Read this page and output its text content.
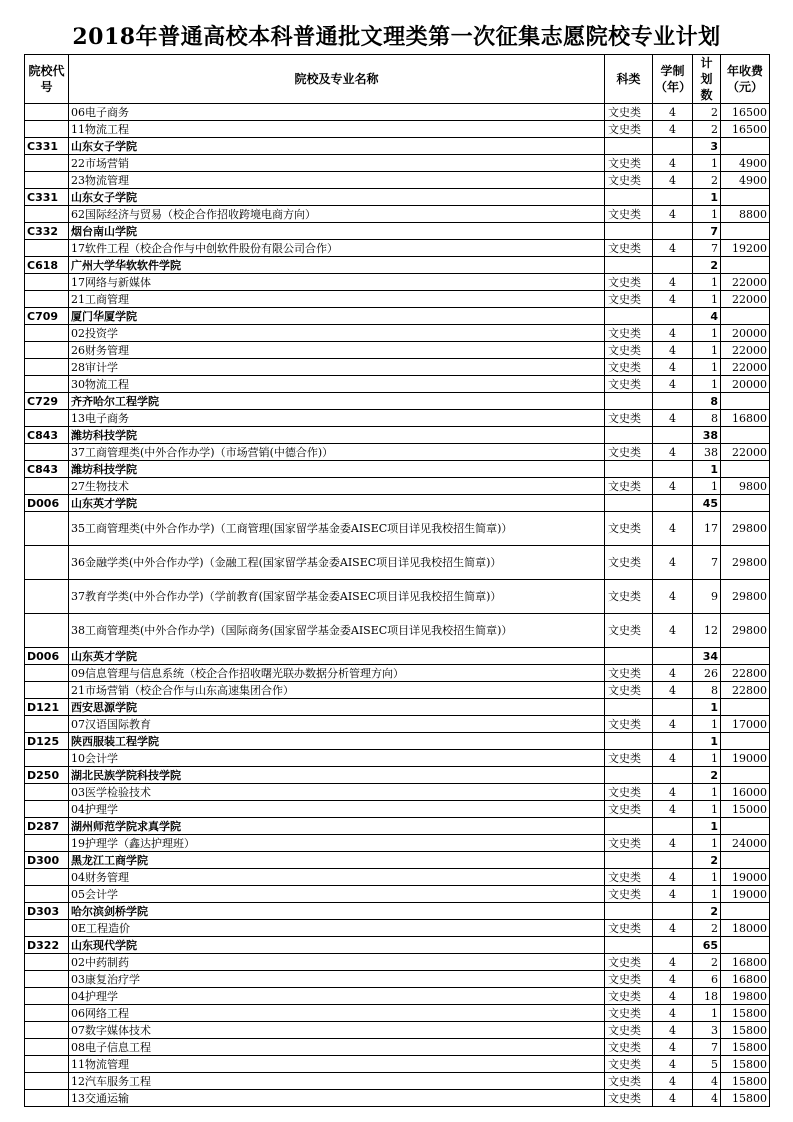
2018年普通高校本科普通批文理类第一次征集志愿院校专业计划
院校代号	院校及专业名称	科类	学制（年）	计划数	年收费（元）
	06电子商务	文史类	4	2	16500
	11物流工程	文史类	4	2	16500
C331	山东女子学院			3	
	22市场营销	文史类	4	1	4900
	23物流管理	文史类	4	2	4900
C331	山东女子学院			1	
	62国际经济与贸易（校企合作招收跨境电商方向）	文史类	4	1	8800
C332	烟台南山学院			7	
	17软件工程（校企合作与中创软件股份有限公司合作）	文史类	4	7	19200
C618	广州大学华软软件学院			2	
	17网络与新媒体	文史类	4	1	22000
	21工商管理	文史类	4	1	22000
C709	厦门华厦学院			4	
	02投资学	文史类	4	1	20000
	26财务管理	文史类	4	1	22000
	28审计学	文史类	4	1	22000
	30物流工程	文史类	4	1	20000
C729	齐齐哈尔工程学院			8	
	13电子商务	文史类	4	8	16800
C843	潍坊科技学院			38	
	37工商管理类(中外合作办学)（市场营销(中德合作)）	文史类	4	38	22000
C843	潍坊科技学院			1	
	27生物技术	文史类	4	1	9800
D006	山东英才学院			45	
	35工商管理类(中外合作办学)（工商管理(国家留学基金委AISEC项目详见我校招生简章)）	文史类	4	17	29800
	36金融学类(中外合作办学)（金融工程(国家留学基金委AISEC项目详见我校招生简章)）	文史类	4	7	29800
	37教育学类(中外合作办学)（学前教育(国家留学基金委AISEC项目详见我校招生简章)）	文史类	4	9	29800
	38工商管理类(中外合作办学)（国际商务(国家留学基金委AISEC项目详见我校招生简章)）	文史类	4	12	29800
D006	山东英才学院			34	
	09信息管理与信息系统（校企合作招收曙光联办数据分析管理方向）	文史类	4	26	22800
	21市场营销（校企合作与山东高速集团合作）	文史类	4	8	22800
D121	西安思源学院			1	
	07汉语国际教育	文史类	4	1	17000
D125	陕西服装工程学院			1	
	10会计学	文史类	4	1	19000
D250	湖北民族学院科技学院			2	
	03医学检验技术	文史类	4	1	16000
	04护理学	文史类	4	1	15000
D287	湖州师范学院求真学院			1	
	19护理学（鑫达护理班）	文史类	4	1	24000
D300	黑龙江工商学院			2	
	04财务管理	文史类	4	1	19000
	05会计学	文史类	4	1	19000
D303	哈尔滨剑桥学院			2	
	0E工程造价	文史类	4	2	18000
D322	山东现代学院			65	
	02中药制药	文史类	4	2	16800
	03康复治疗学	文史类	4	6	16800
	04护理学	文史类	4	18	19800
	06网络工程	文史类	4	1	15800
	07数字媒体技术	文史类	4	3	15800
	08电子信息工程	文史类	4	7	15800
	11物流管理	文史类	4	5	15800
	12汽车服务工程	文史类	4	4	15800
	13交通运输	文史类	4	4	15800
